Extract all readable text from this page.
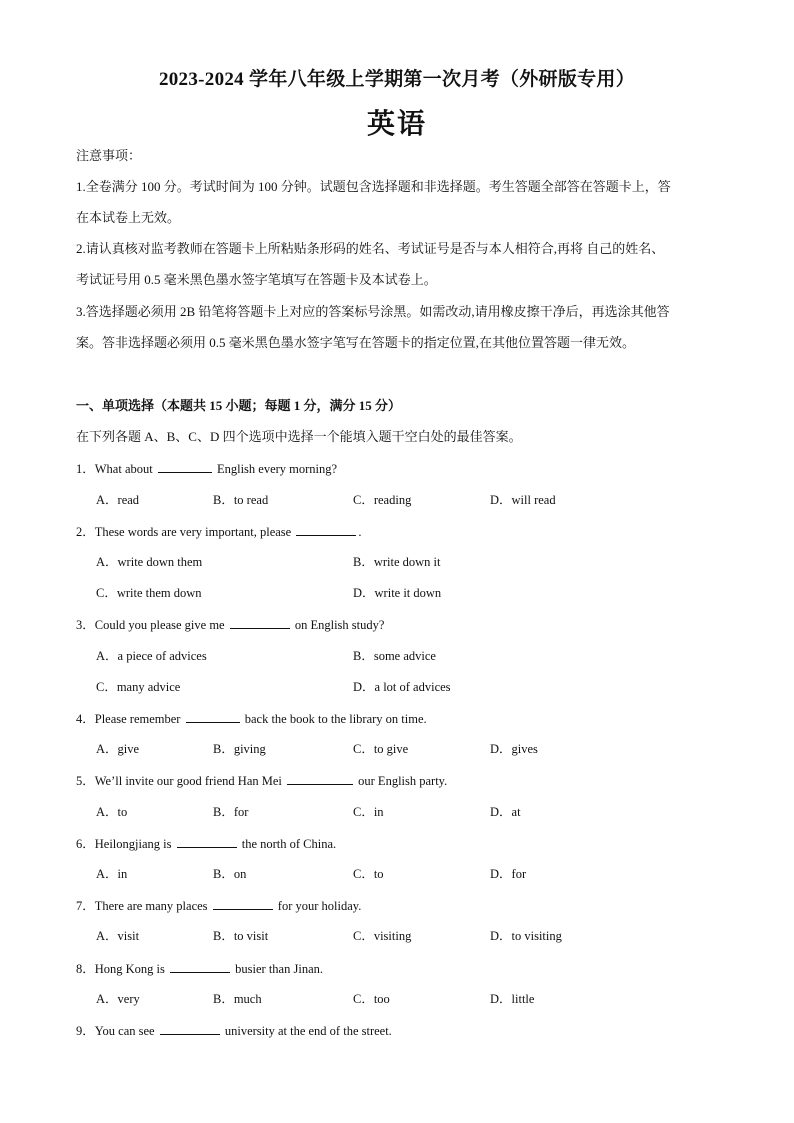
2023-2024 学年八年级上学期第一次月考（外研版专用）
英语
注意事项：
1.全卷满分 100 分。考试时间为 100 分钟。试题包含选择题和非选择题。考生答题全部答在答题卡上，答
在本试卷上无效。
2.请认真核对监考教师在答题卡上所粘贴条形码的姓名、考试证号是否与本人相符合,再将 自己的姓名、
考试证号用 0.5 毫米黑色墨水签字笔填写在答题卡及本试卷上。
3.答选择题必须用 2B 铅笔将答题卡上对应的答案标号涂黑。如需改动,请用橡皮擦干净后，再选涂其他答
案。答非选择题必须用 0.5 毫米黑色墨水签字笔写在答题卡的指定位置,在其他位置答题一律无效。
一、单项选择（本题共 15 小题；每题 1 分，满分 15 分）
在下列各题 A、B、C、D 四个选项中选择一个能填入题干空白处的最佳答案。
1．What about	English every morning?
A．read	B．to read	C．reading	D．will read
2．These words are very important, please	.
A．write down them	B．write down it
C．write them down	D．write it down
3．Could you please give me	on English study?
A．a piece of advices	B．some advice
C．many advice	D．a lot of advices
4．Please remember	back the book to the library on time.
A．give	B．giving	C．to give	D．gives
5．We’ll invite our good friend Han Mei	our English party.
A．to	B．for	C．in	D．at
6．Heilongjiang is	the north of China.
A．in	B．on	C．to	D．for
7．There are many places	for your holiday.
A．visit	B．to visit	C．visiting	D．to visiting
8．Hong Kong is	busier than Jinan.
A．very	B．much	C．too	D．little
9．You can see	university at the end of the street.
